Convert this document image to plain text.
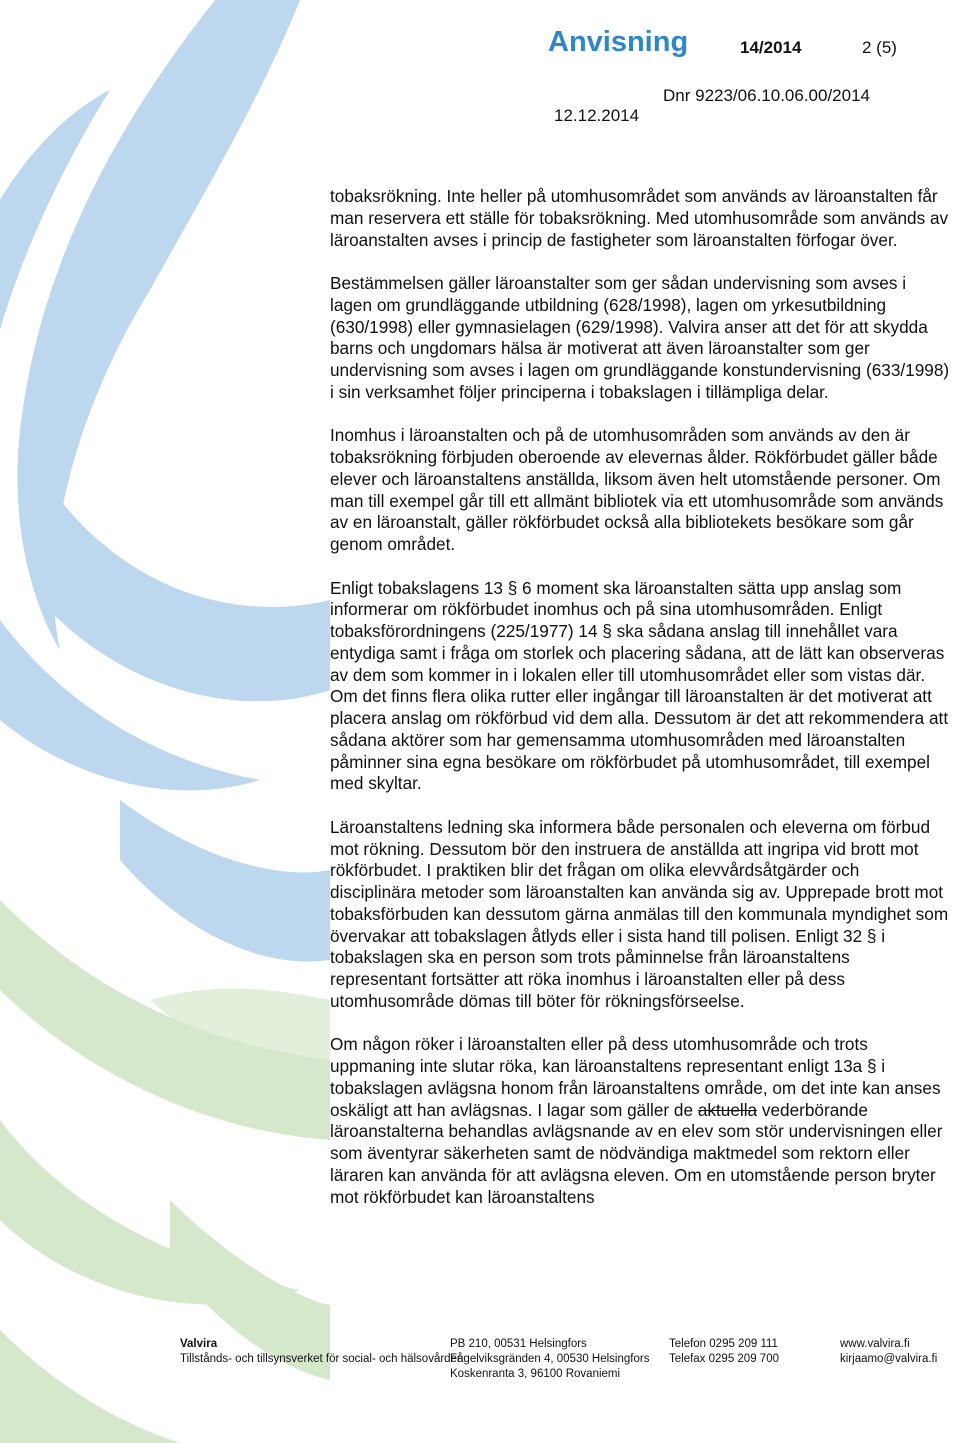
Anvisning	14/2014	2 (5)
Dnr 9223/06.10.06.00/2014
12.12.2014

tobaksrökning. Inte heller på utomhusområdet som används av läroanstalten får man reservera ett ställe för tobaksrökning. Med utomhusområde som används av läroanstalten avses i princip de fastigheter som läroanstalten förfogar över.

Bestämmelsen gäller läroanstalter som ger sådan undervisning som avses i lagen om grundläggande utbildning (628/1998), lagen om yrkesutbildning (630/1998) eller gymnasielagen (629/1998). Valvira anser att det för att skydda barns och ungdomars hälsa är motiverat att även läroanstalter som ger undervisning som avses i lagen om grundläggande konstundervisning (633/1998) i sin verksamhet följer principerna i tobakslagen i tillämpliga delar.

Inomhus i läroanstalten och på de utomhusområden som används av den är tobaksrökning förbjuden oberoende av elevernas ålder. Rökförbudet gäller både elever och läroanstaltens anställda, liksom även helt utomstående personer. Om man till exempel går till ett allmänt bibliotek via ett utomhusområde som används av en läroanstalt, gäller rökförbudet också alla bibliotekets besökare som går genom området.

Enligt tobakslagens 13 § 6 moment ska läroanstalten sätta upp anslag som informerar om rökförbudet inomhus och på sina utomhusområden. Enligt tobaksförordningens (225/1977) 14 § ska sådana anslag till innehållet vara entydiga samt i fråga om storlek och placering sådana, att de lätt kan observeras av dem som kommer in i lokalen eller till utomhusområdet eller som vistas där. Om det finns flera olika rutter eller ingångar till läroanstalten är det motiverat att placera anslag om rökförbud vid dem alla. Dessutom är det att rekommendera att sådana aktörer som har gemensamma utomhusområden med läroanstalten påminner sina egna besökare om rökförbudet på utomhusområdet, till exempel med skyltar.

Läroanstaltens ledning ska informera både personalen och eleverna om förbud mot rökning. Dessutom bör den instruera de anställda att ingripa vid brott mot rökförbudet. I praktiken blir det frågan om olika elevvårdsåtgärder och disciplinära metoder som läroanstalten kan använda sig av. Upprepade brott mot tobaksförbuden kan dessutom gärna anmälas till den kommunala myndighet som övervakar att tobakslagen åtlyds eller i sista hand till polisen. Enligt 32 § i tobakslagen ska en person som trots påminnelse från läroanstaltens representant fortsätter att röka inomhus i läroanstalten eller på dess utomhusområde dömas till böter för rökningsförseelse.

Om någon röker i läroanstalten eller på dess utomhusområde och trots uppmaning inte slutar röka, kan läroanstaltens representant enligt 13a § i tobakslagen avlägsna honom från läroanstaltens område, om det inte kan anses oskäligt att han avlägsnas. I lagar som gäller de aktuella vederbörande läroanstalterna behandlas avlägsnande av en elev som stör undervisningen eller som äventyrar säkerheten samt de nödvändiga maktmedel som rektorn eller läraren kan använda för att avlägsna eleven. Om en utomstående person bryter mot rökförbudet kan läroanstaltens

Valvira
Tillstånds- och tillsynsverket för social- och hälsovården
PB 210, 00531 Helsingfors
Fågelviksgränden 4, 00530 Helsingfors
Koskenranta 3, 96100 Rovaniemi
Telefon 0295 209 111
Telefax 0295 209 700
www.valvira.fi
kirjaamo@valvira.fi
